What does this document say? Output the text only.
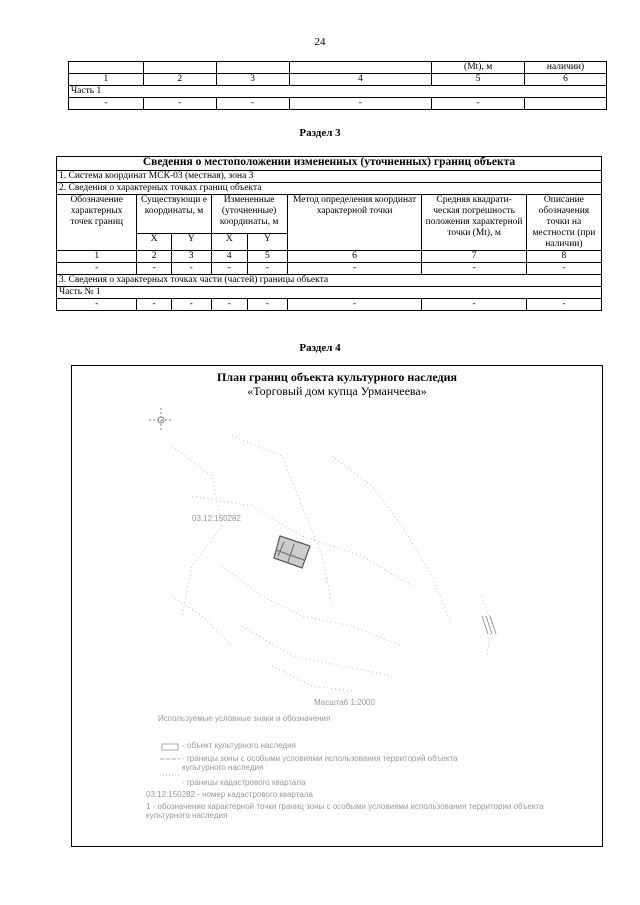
24
				(Mt), м	наличии)
1	2	3	4	5	6
Часть 1					
-	-	-	-	-	
Раздел 3
Сведения о местоположении измененных (уточненных) границ объекта							
1. Система координат МСК-03 (местная), зона 3							
2. Сведения о характерных точках границ объекта							
Обозначение характерных точек границ	Существующи е координаты, м		Измененные (уточненные) координаты, м		Метод определения координат характерной точки	Средняя квадрати-ческая погрешность положения характерной точки (Mt), м	Описание обозначения точки на местности (при наличии)
	X	Y	X	Y			
1	2	3	4	5	6	7	8
-	-	-	-	-	-	-	-
3. Сведения о характерных точках части (частей) границы объекта							
Часть № 1							
-	-	-	-	-	-	-	-
Раздел 4
План границ объекта культурного наследия
«Торговый дом купца Урманчеева»
03:12:150282
Масштаб 1:2000
Используемые условные знаки и обозначения
- объект культурного наследия
- границы зоны с особыми условиями использования территорий объекта культурного наследия
- границы кадастрового квартала
03:12:150282 - номер кадастрового квартала
1 - обозначение характерной точки границ зоны с особыми условиями использования территории объекта культурного наследия
